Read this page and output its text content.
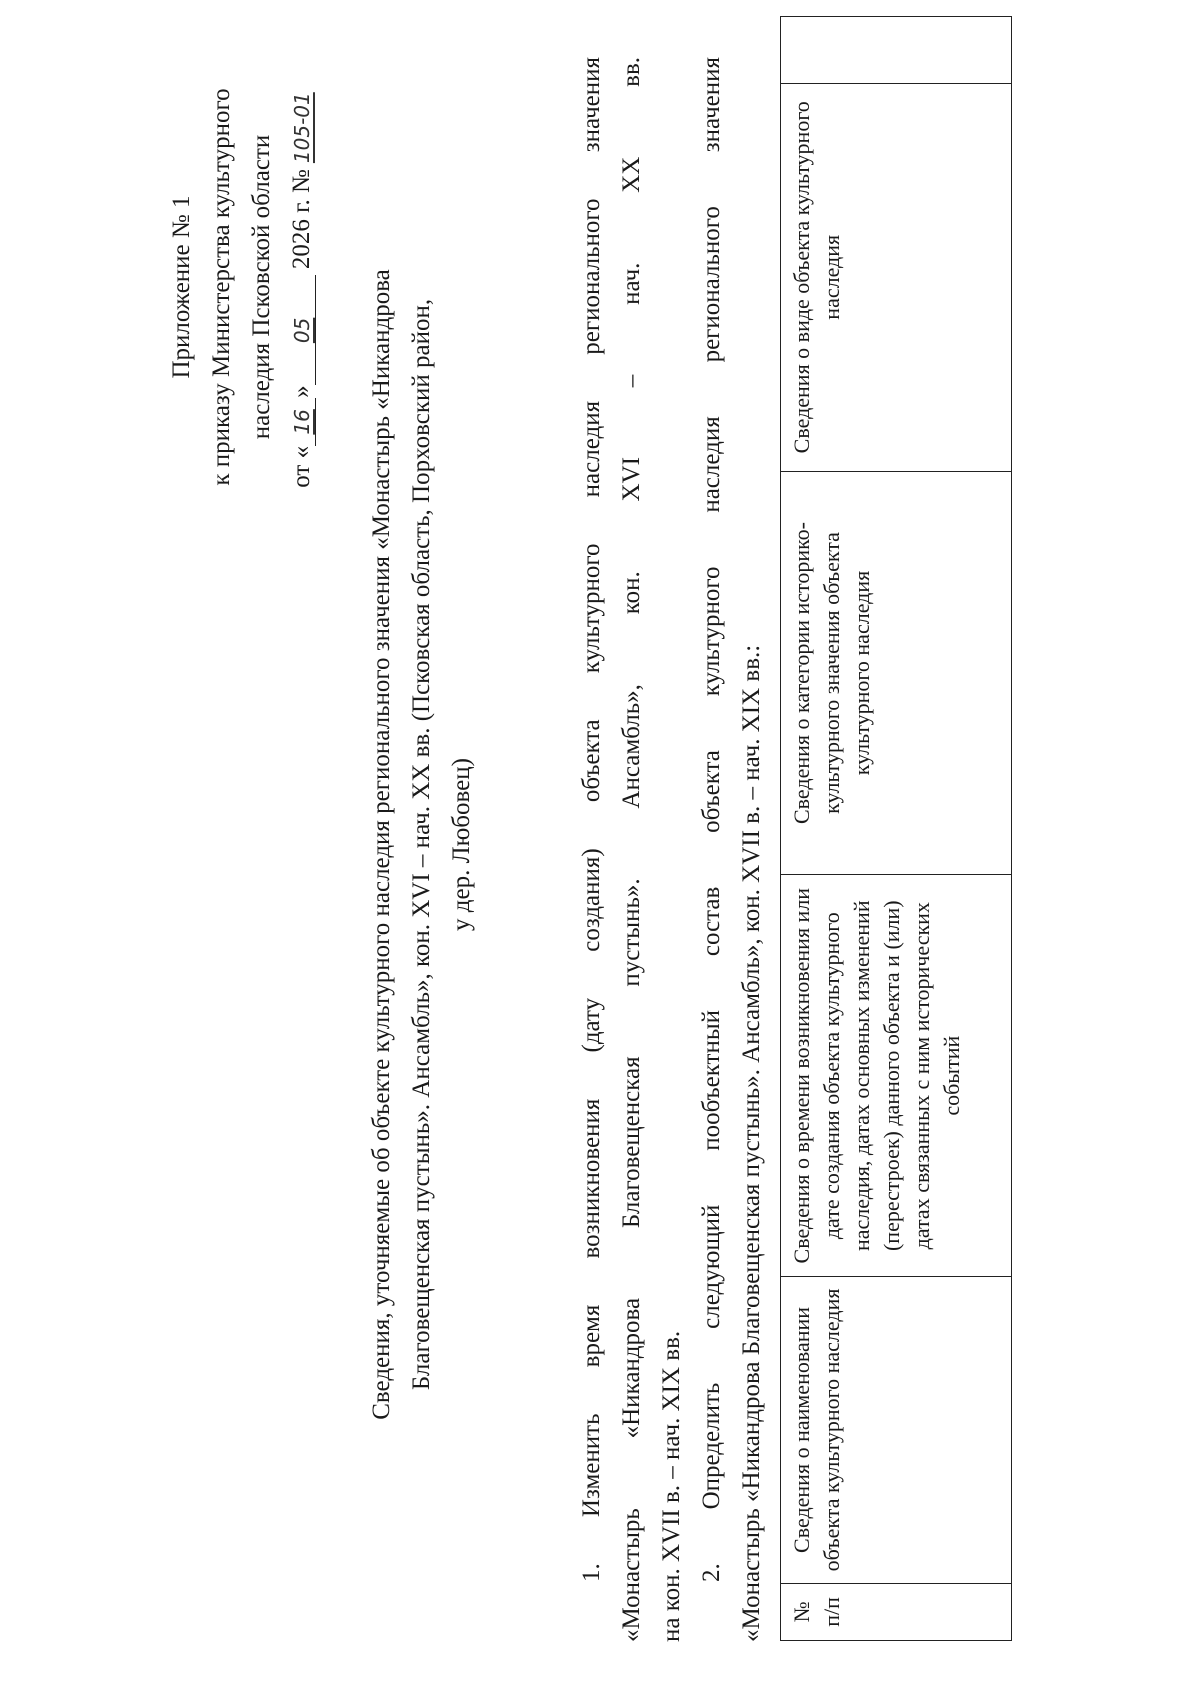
Приложение № 1 к приказу Министерства культурного наследия Псковской области
от «16»05 2026 г. №105-01
Сведения, уточняемые об объекте культурного наследия регионального значения «Монастырь «Никандрова Благовещенская пустынь». Ансамбль», кон. XVI – нач. XX вв. (Псковская область, Порховский район, у дер. Любовец)	1. Изменить время возникновения (дату создания) объекта культурного наследия регионального значения «Монастырь «Никандрова Благовещенская пустынь». Ансамбль», кон. XVI – нач. XX вв. на кон. XVII в. – нач. XIX вв. 2. Определить следующий пообъектный состав объекта культурного наследия регионального значения «Монастырь «Никандрова Благовещенская пустынь». Ансамбль», кон. XVII в. – нач. XIX вв.:	№ п/п	Сведения о наименовании объекта культурного наследия	Сведения о времени возникновения или дате создания объекта культурного наследия, датах основных изменений (перестроек) данного объекта и (или) датах связанных с ним исторических событий	Сведения о категории историко-культурного значения объекта культурного наследия	Сведения о виде объекта культурного наследия	
